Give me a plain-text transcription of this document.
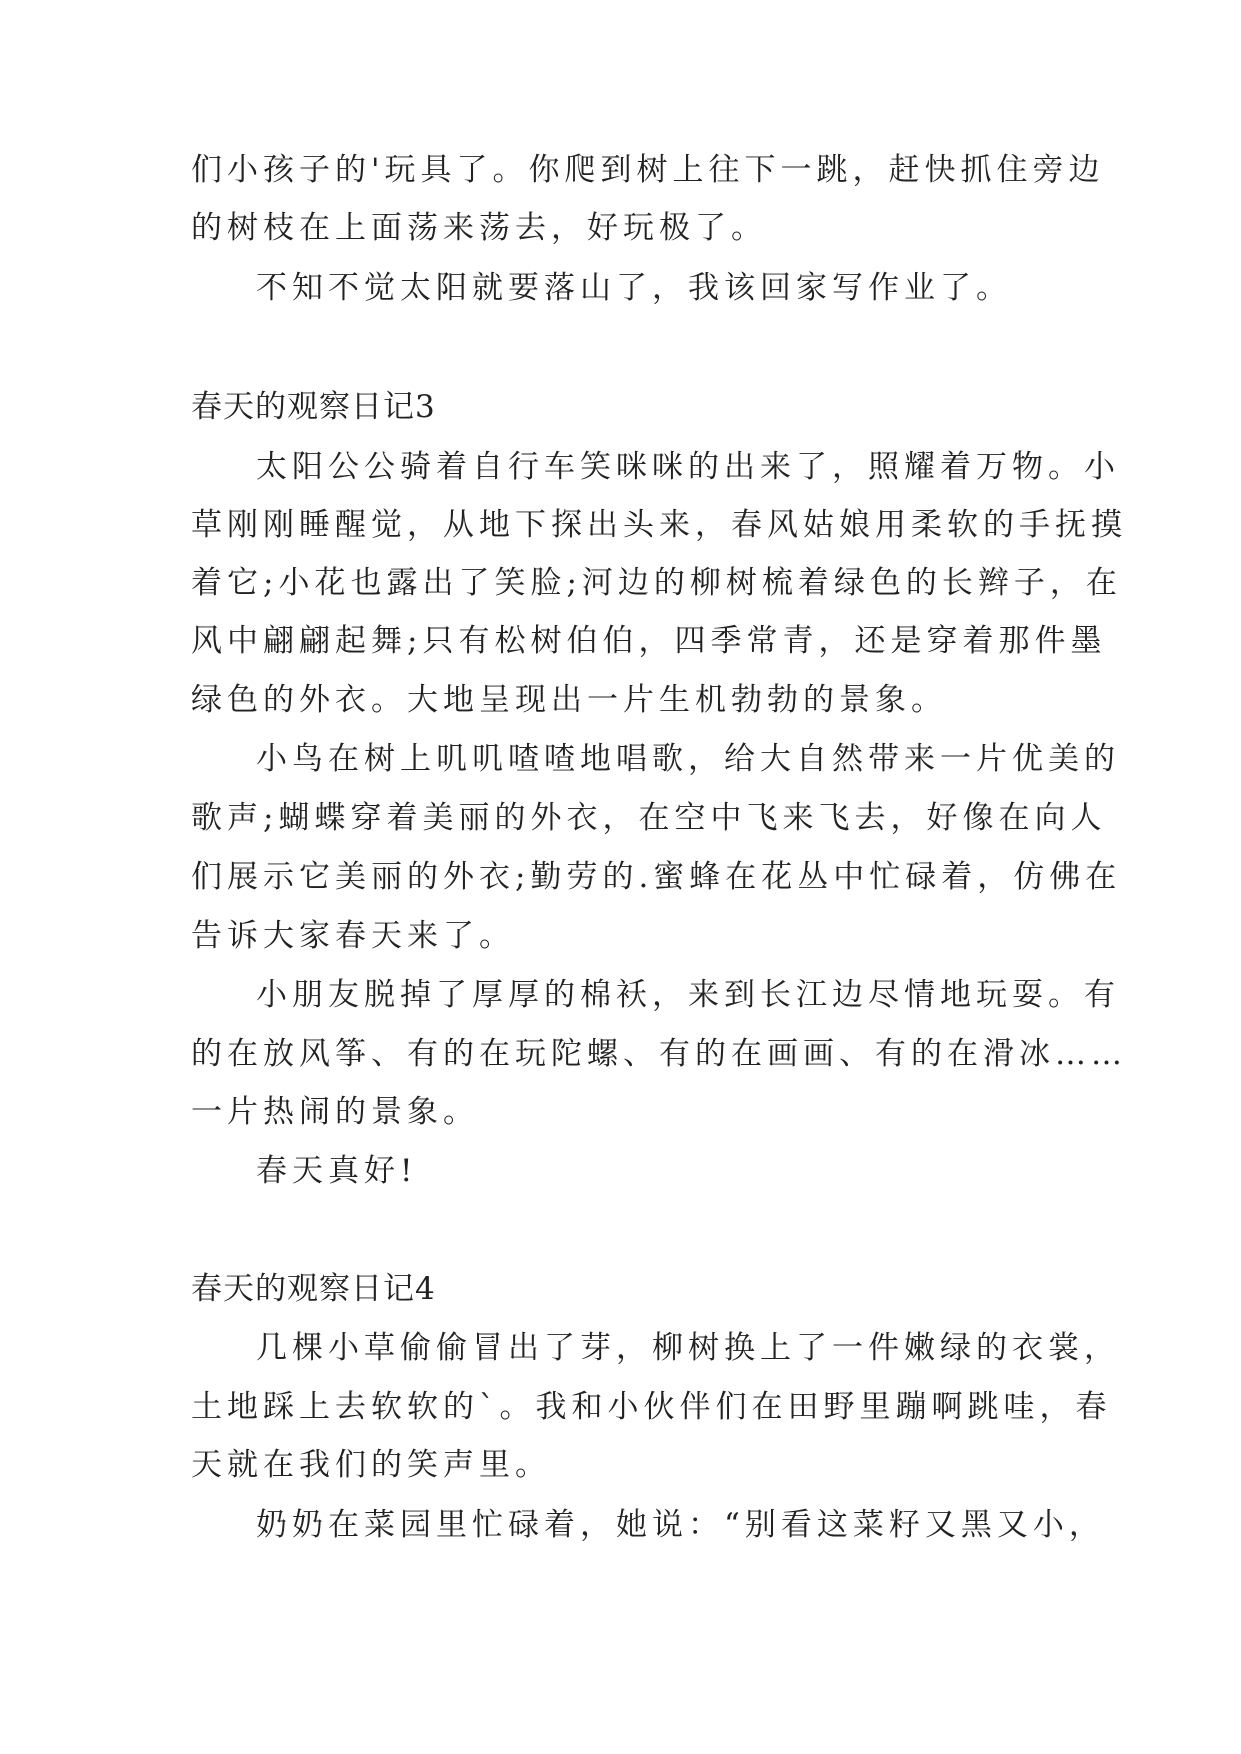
们小孩子的'玩具了。你爬到树上往下一跳，赶快抓住旁边
的树枝在上面荡来荡去，好玩极了。
不知不觉太阳就要落山了，我该回家写作业了。
春天的观察日记3
太阳公公骑着自行车笑咪咪的出来了，照耀着万物。小
草刚刚睡醒觉，从地下探出头来，春风姑娘用柔软的手抚摸
着它;小花也露出了笑脸;河边的柳树梳着绿色的长辫子，在
风中翩翩起舞;只有松树伯伯，四季常青，还是穿着那件墨
绿色的外衣。大地呈现出一片生机勃勃的景象。
小鸟在树上叽叽喳喳地唱歌，给大自然带来一片优美的
歌声;蝴蝶穿着美丽的外衣，在空中飞来飞去，好像在向人
们展示它美丽的外衣;勤劳的.蜜蜂在花丛中忙碌着，仿佛在
告诉大家春天来了。
小朋友脱掉了厚厚的棉袄，来到长江边尽情地玩耍。有
的在放风筝、有的在玩陀螺、有的在画画、有的在滑冰……
一片热闹的景象。
春天真好!
春天的观察日记4
几棵小草偷偷冒出了芽，柳树换上了一件嫩绿的衣裳，
土地踩上去软软的`。我和小伙伴们在田野里蹦啊跳哇，春
天就在我们的笑声里。
奶奶在菜园里忙碌着，她说：“别看这菜籽又黑又小，
